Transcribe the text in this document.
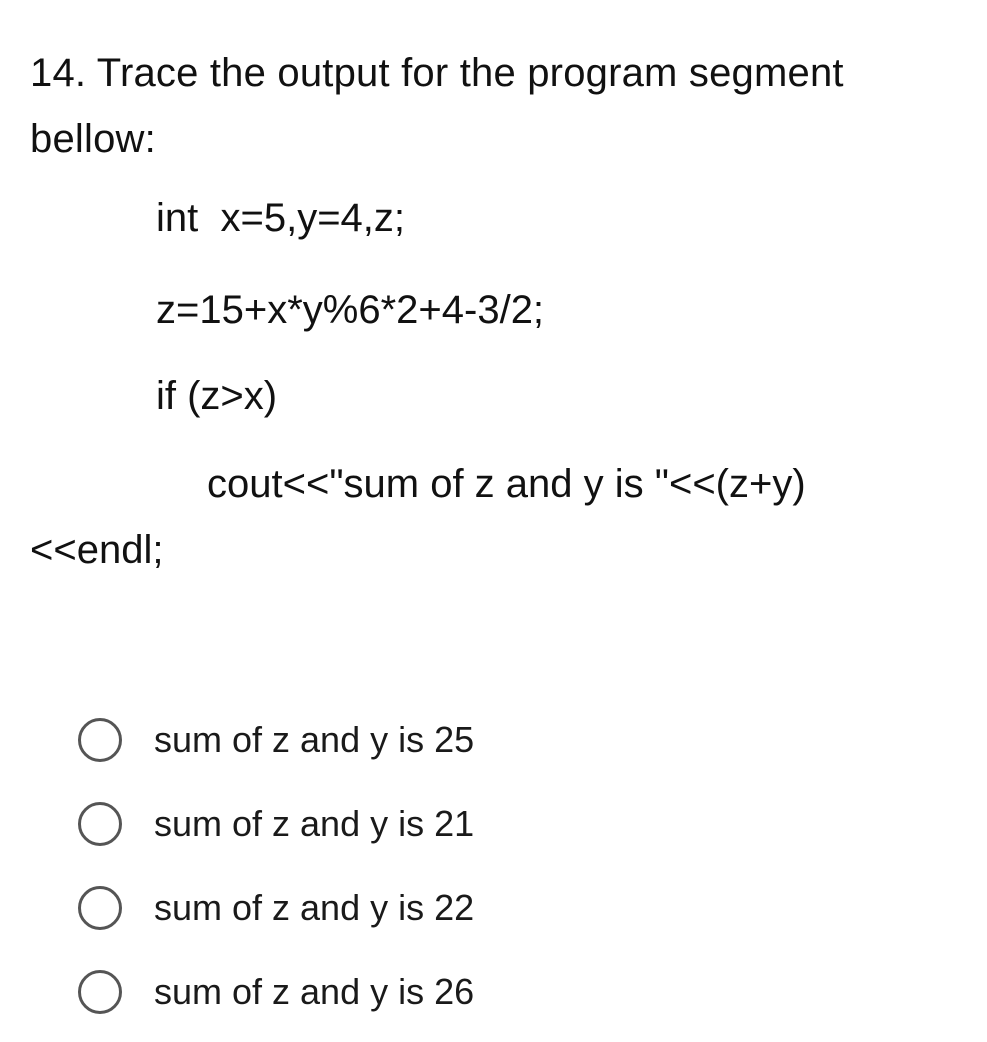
14. Trace the output for the program segment bellow:
int  x=5,y=4,z;
z=15+x*y%6*2+4-3/2;
if (z>x)
cout<<"sum of z and y is "<<(z+y)
<<endl;
sum of z and y is 25
sum of z and y is 21
sum of z and y is 22
sum of z and y is 26
